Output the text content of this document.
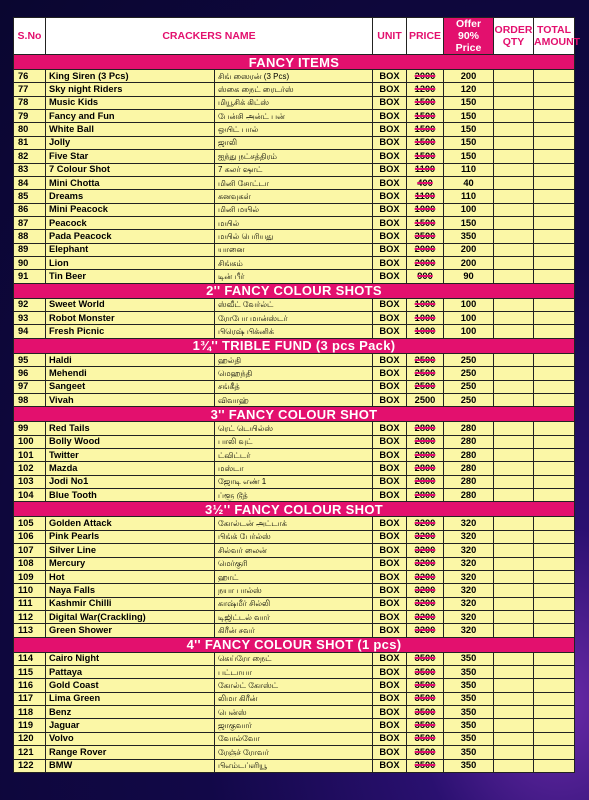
S.No	CRACKERS NAME		UNIT	PRICE	Offer 90% Price	ORDER QTY	TOTAL AMOUNT
FANCY ITEMS							
76	King Siren (3 Pcs)	சிங் ஸைரன் (3 Pcs)	BOX	2000	200		
77	Sky night Riders	ஸ்கை நைட் ரைடர்ஸ்	BOX	1200	120		
78	Music Kids	மியூசிக் கிட்ஸ்	BOX	1500	150		
79	Fancy and Fun	பேன்சி அன்ட் பன்	BOX	1500	150		
80	White Ball	ஒயிட் பால்	BOX	1500	150		
81	Jolly	ஜாலி	BOX	1500	150		
82	Five Star	ஐந்து நட்சத்திரம்	BOX	1500	150		
83	7 Colour Shot	7 கலர் ஷாட்	BOX	1100	110		
84	Mini Chotta	மினி சோட்டா	BOX	400	40		
85	Dreams	கனவுகள்	BOX	1100	110		
86	Mini Peacock	மினி மயில்	BOX	1000	100		
87	Peacock	மயில்	BOX	1500	150		
88	Pada Peacock	மயில் பெரியது	BOX	3500	350		
89	Elephant	யானை	BOX	2000	200		
90	Lion	சிங்கம்	BOX	2000	200		
91	Tin Beer	டின் பீர்	BOX	900	90		
2'' FANCY COLOUR SHOTS							
92	Sweet World	ஸ்வீட் வேர்ல்ட்	BOX	1000	100		
93	Robot Monster	ரோபோ மான்ஸ்டர்	BOX	1000	100		
94	Fresh Picnic	பிரெஷ் பிக்னிக்	BOX	1000	100		
1¾'' TRIBLE FUND (3 pcs Pack)							
95	Haldi	ஹல்தி	BOX	2500	250		
96	Mehendi	மெஹந்தி	BOX	2500	250		
97	Sangeet	சங்கீத்	BOX	2500	250		
98	Vivah	விவாஹ்	BOX	2500	250		
3'' FANCY COLOUR SHOT							
99	Red Tails	ரெட் டெயில்ஸ்	BOX	2800	280		
100	Bolly Wood	பாலி வுட்	BOX	2800	280		
101	Twitter	ட்விட்டர்	BOX	2800	280		
102	Mazda	மஸ்டா	BOX	2800	280		
103	Jodi No1	ஜோடி எண் 1	BOX	2800	280		
104	Blue Tooth	ப்ளூ டூத்	BOX	2800	280		
3½'' FANCY COLOUR SHOT							
105	Golden Attack	கோல்டன் அட்டாக்	BOX	3200	320		
106	Pink Pearls	பிங்க் பேர்ல்ஸ்	BOX	3200	320		
107	Silver Line	சில்வர் லைன்	BOX	3200	320		
108	Mercury	மெர்குரி	BOX	3200	320		
109	Hot	ஹாட்	BOX	3200	320		
110	Naya Falls	நயா பால்ஸ்	BOX	3200	320		
111	Kashmir Chilli	காஷ்மீர் சில்லி	BOX	3200	320		
112	Digital War(Crackling)	டிஜிட்டல் வார்	BOX	3200	320		
113	Green Shower	கிரீன் சவர்	BOX	3200	320		
4'' FANCY COLOUR SHOT (1 pcs)							
114	Cairo Night	கெய்ரோ நைட்	BOX	3500	350		
115	Pattaya	பட்டாயா	BOX	3500	350		
116	Gold Coast	கோல்ட் கோஸ்ட்	BOX	3500	350		
117	Lima Green	லிமா கிரீன்	BOX	3500	350		
118	Benz	பென்ஸ்	BOX	3500	350		
119	Jaguar	ஜாகுவார்	BOX	3500	350		
120	Volvo	வோல்வோ	BOX	3500	350		
121	Range Rover	ரேஞ்ச் ரோவர்	BOX	3500	350		
122	BMW	பிஎம்டப்ளியூ	BOX	3500	350		
